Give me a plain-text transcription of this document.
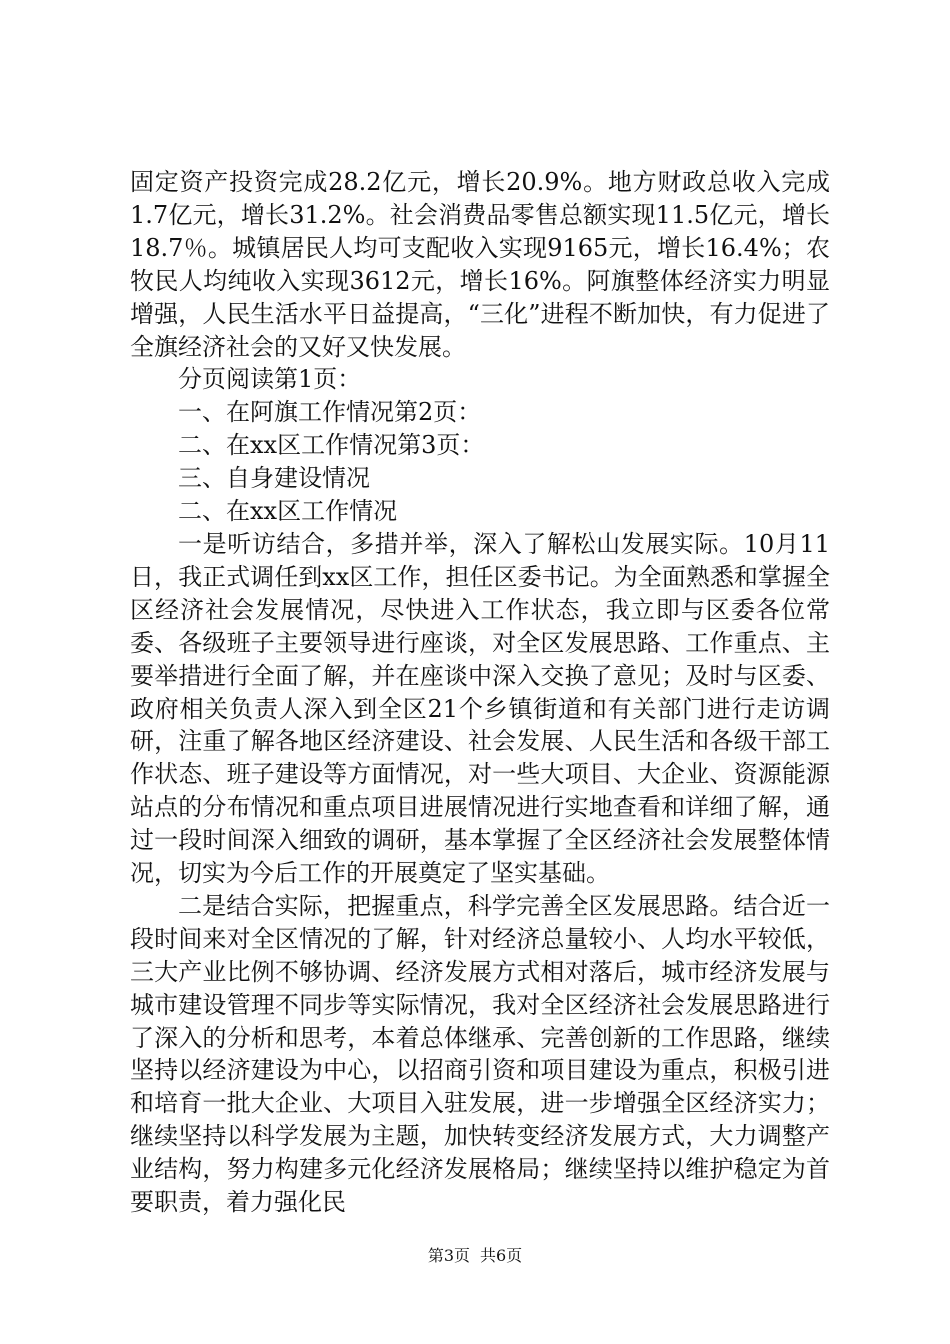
固定资产投资完成28.2亿元，增长20.9%。地方财政总收入完成1.7亿元，增长31.2%。社会消费品零售总额实现11.5亿元，增长18.7％。城镇居民人均可支配收入实现9165元，增长16.4%；农牧民人均纯收入实现3612元，增长16%。阿旗整体经济实力明显增强，人民生活水平日益提高，“三化”进程不断加快，有力促进了全旗经济社会的又好又快发展。

分页阅读第1页：

一、在阿旗工作情况第2页：

二、在xx区工作情况第3页：

三、自身建设情况

二、在xx区工作情况

一是听访结合，多措并举，深入了解松山发展实际。10月11日，我正式调任到xx区工作，担任区委书记。为全面熟悉和掌握全区经济社会发展情况，尽快进入工作状态，我立即与区委各位常委、各级班子主要领导进行座谈，对全区发展思路、工作重点、主要举措进行全面了解，并在座谈中深入交换了意见；及时与区委、政府相关负责人深入到全区21个乡镇街道和有关部门进行走访调研，注重了解各地区经济建设、社会发展、人民生活和各级干部工作状态、班子建设等方面情况，对一些大项目、大企业、资源能源站点的分布情况和重点项目进展情况进行实地查看和详细了解，通过一段时间深入细致的调研，基本掌握了全区经济社会发展整体情况，切实为今后工作的开展奠定了坚实基础。

二是结合实际，把握重点，科学完善全区发展思路。结合近一段时间来对全区情况的了解，针对经济总量较小、人均水平较低，三大产业比例不够协调、经济发展方式相对落后，城市经济发展与城市建设管理不同步等实际情况，我对全区经济社会发展思路进行了深入的分析和思考，本着总体继承、完善创新的工作思路，继续坚持以经济建设为中心，以招商引资和项目建设为重点，积极引进和培育一批大企业、大项目入驻发展，进一步增强全区经济实力；继续坚持以科学发展为主题，加快转变经济发展方式，大力调整产业结构，努力构建多元化经济发展格局；继续坚持以维护稳定为首要职责，着力强化民

第3页 共6页
